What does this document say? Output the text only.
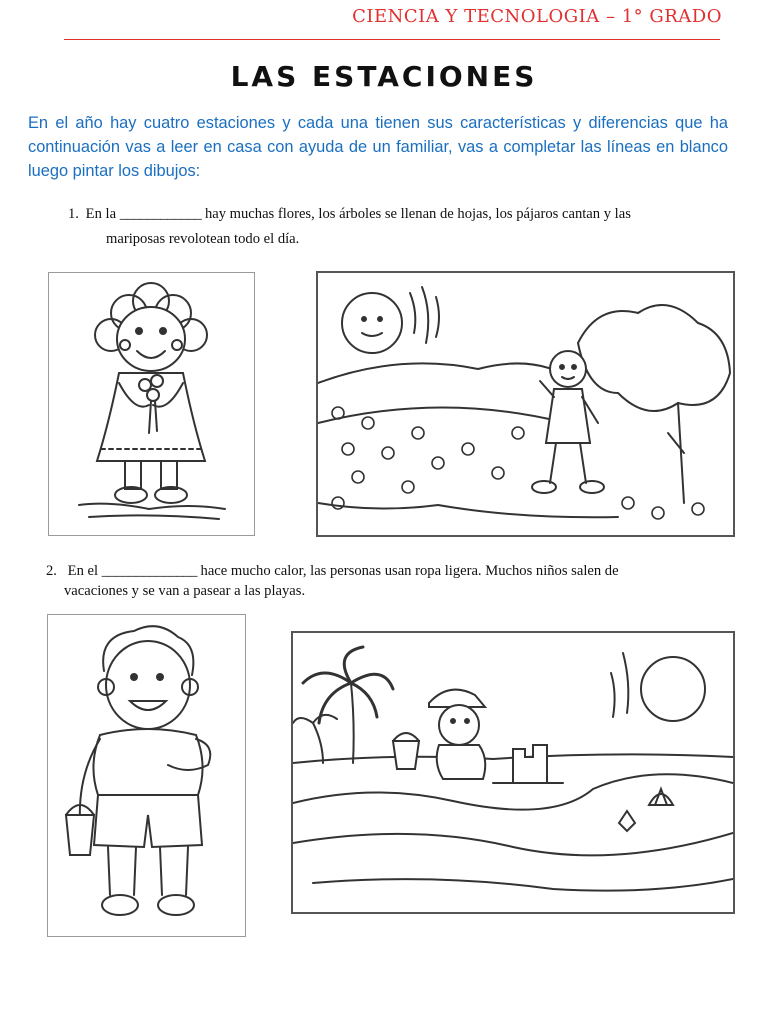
CIENCIA Y TECNOLOGIA – 1° GRADO
LAS ESTACIONES
En el año hay cuatro estaciones y cada una tienen sus características y diferencias que ha continuación vas a leer en casa con ayuda de un familiar, vas a completar las líneas en blanco luego pintar los dibujos:
1. En la ____________ hay muchas flores, los árboles se llenan de hojas, los pájaros cantan y las
mariposas revolotean todo el día.
2. En el ______________ hace mucho calor, las personas usan ropa ligera. Muchos niños salen de
vacaciones y se van a pasear a las playas.
